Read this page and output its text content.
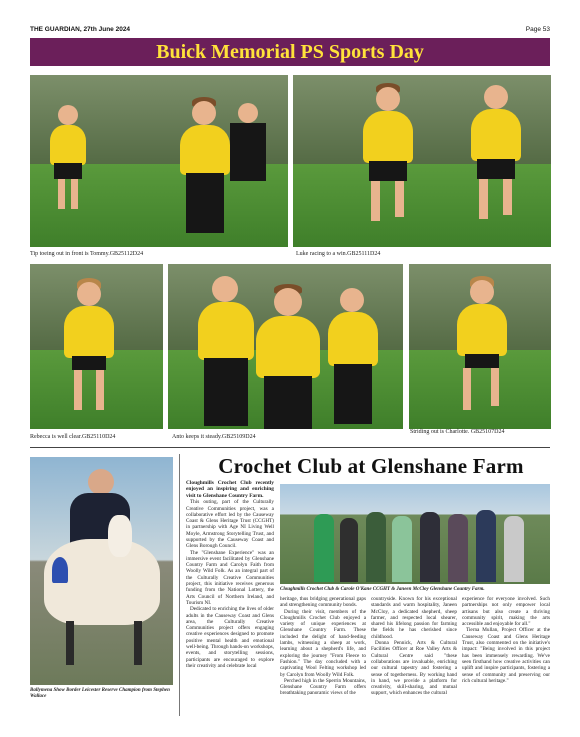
THE GUARDIAN, 27th June 2024	Page 53
Buick Memorial PS Sports Day
Tip toeing out in front is Tommy.GB25112D24	Luke racing to a win.GB25111D24
Rebecca is well clear.GB25110D24	Anto keeps it steady.GB25109D24
Striding out is Charlotte. GB25107D24
Ballymena Show Border Leicester Reserve Champion from Stephen Wallace
Crochet Club at Glenshane Farm

Cloughmills Crochet Club recently enjoyed an inspiring and enriching visit to Glenshane Country Farm.

This outing, part of the Culturally Creative Communities project, was a collaborative effort led by the Causeway Coast & Glens Heritage Trust (CCGHT) in partnership with Age NI Living Well Moyle, Armstrong Storytelling Trust, and supported by the Causeway Coast and Glens Borough Council.

The "Glenshane Experience" was an immersive event facilitated by Glenshane Country Farm and Carolyn Faith from Woolly Wild Folk. As an integral part of the Culturally Creative Communities project, this initiative receives generous funding from the National Lottery, the Arts Council of Northern Ireland, and Tourism NI.

Dedicated to enriching the lives of older adults in the Causeway Coast and Glens area, the Culturally Creative Communities project offers engaging creative experiences designed to promote positive mental health and emotional well-being. Through hands-on workshops, events, and storytelling sessions, participants are encouraged to explore their creativity and celebrate local

Cloughmills Crochet Club & Carole O'Kane CCGHT & Janeen McCloy Glenshane Country Farm.

heritage, thus bridging generational gaps and strengthening community bonds.

During their visit, members of the Cloughmills Crochet Club enjoyed a variety of unique experiences at Glenshane Country Farm. These included the delight of hand-feeding lambs, witnessing a sheep at work, learning about a shepherd's life, and exploring the journey "From Fleece to Fashion." The day concluded with a captivating Wool Felting workshop led by Carolyn from Woolly Wild Folk.

Perched high in the Sperrin Mountains, Glenshane Country Farm offers breathtaking panoramic views of the

countryside. Known for his exceptional standards and warm hospitality, Janeen McCloy, a dedicated shepherd, sheep farmer, and respected local shearer, shared his lifelong passion for farming the fields he has cherished since childhood.

Donna Pennick, Arts & Cultural Facilities Officer at Roe Valley Arts & Cultural Centre said "these collaborations are invaluable, enriching our cultural tapestry and fostering a sense of togetherness. By working hand in hand, we provide a platform for creativity, skill-sharing, and mutual support, which enhances the cultural

experience for everyone involved. Such partnerships not only empower local artisans but also create a thriving community spirit, making the arts accessible and enjoyable for all."

Tierna Mullan, Project Officer at the Causeway Coast and Glens Heritage Trust, also commented on the initiative's impact: "Being involved in this project has been immensely rewarding. We've seen firsthand how creative activities can uplift and inspire participants, fostering a sense of community and preserving our rich cultural heritage."
